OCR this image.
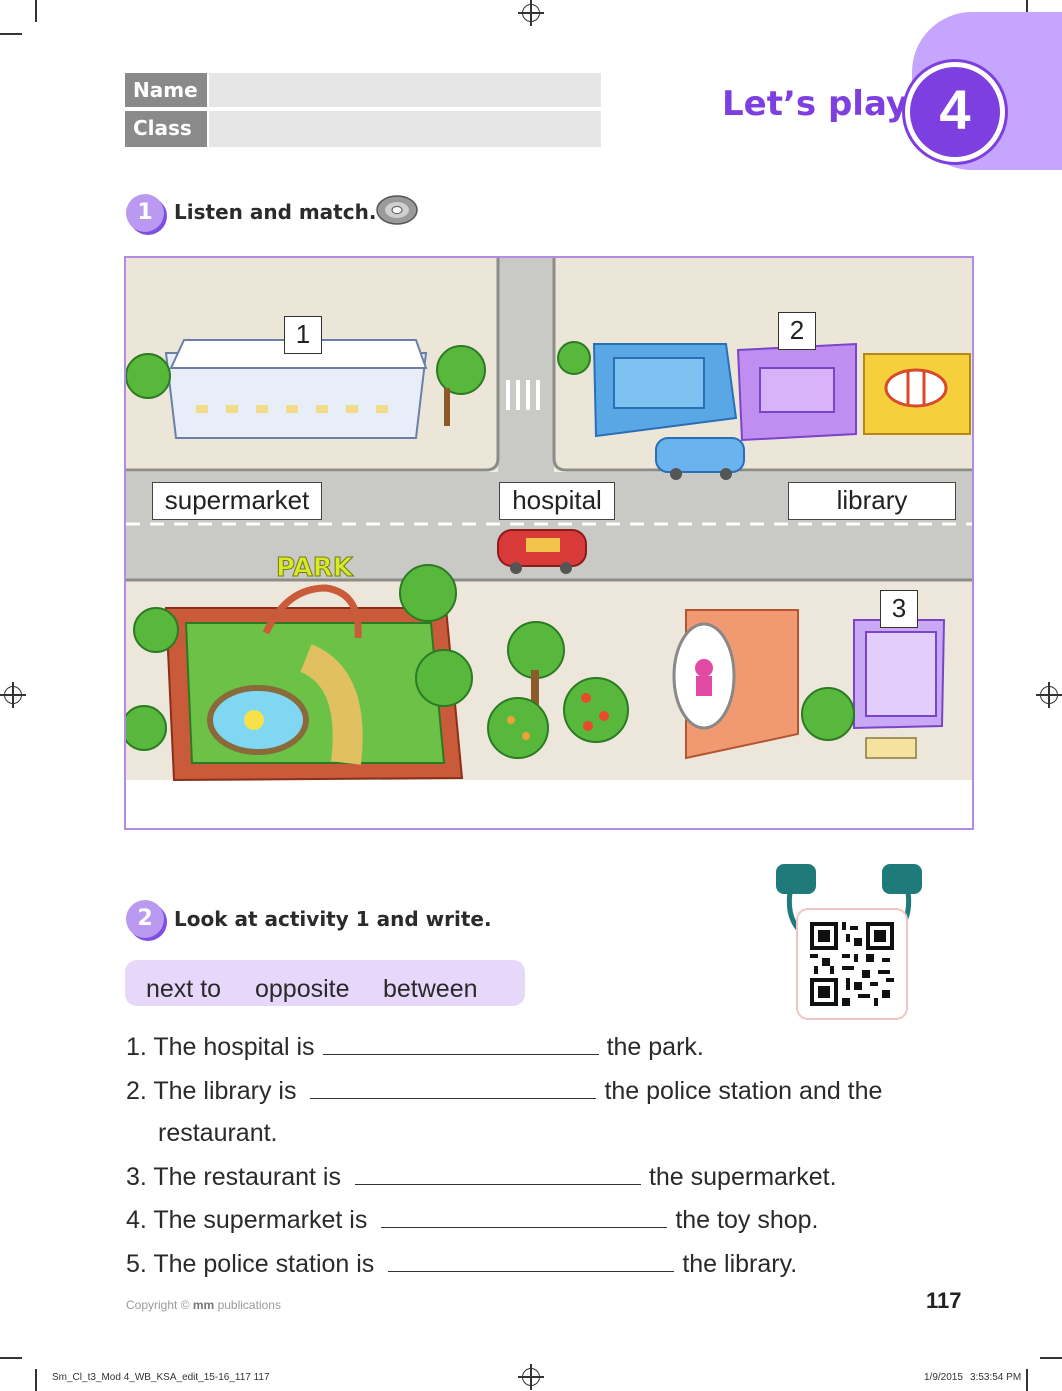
4
Let’s play
Name
Class
1	Listen and match.
PARK
1	2
3
supermarket	hospital	library
2	Look at activity 1 and write.
next to opposite between
1. The hospital is	the park.
2. The library is	the police station and the
restaurant.
3. The restaurant is	the supermarket.
4. The supermarket is	the toy shop.
5. The police station is	the library.
Copyright © mm publications	117
Sm_Cl_t3_Mod 4_WB_KSA_edit_15-16_117 117	1/9/2015 3:53:54 PM
